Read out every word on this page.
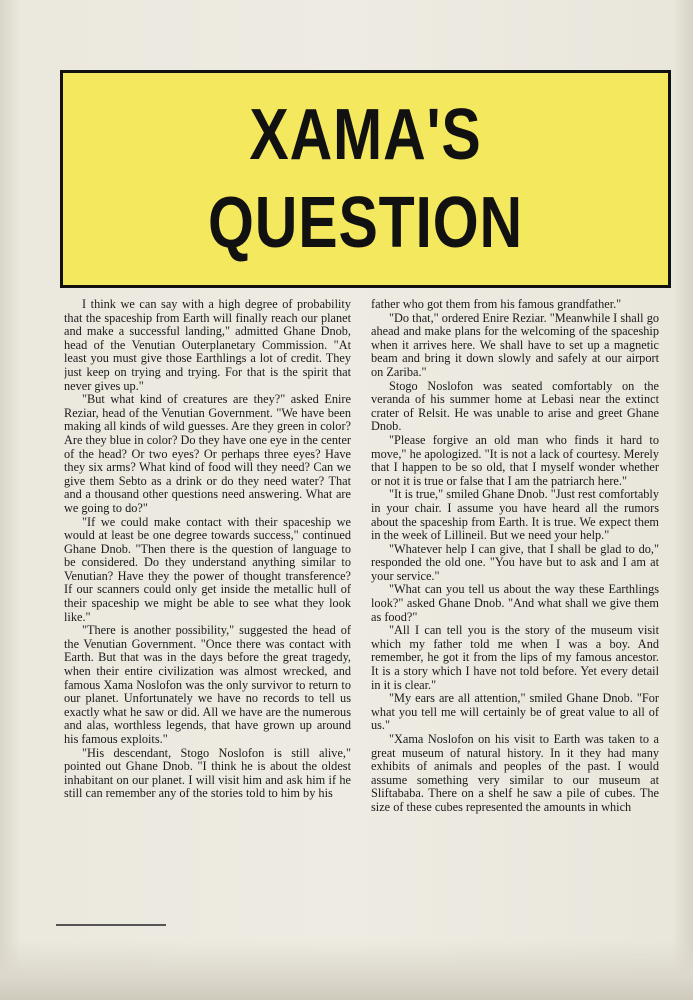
XAMA'S
QUESTION

I think we can say with a high degree of probability that the spaceship from Earth will finally reach our planet and make a successful landing," admitted Ghane Dnob, head of the Venutian Outerplanetary Commission. "At least you must give those Earthlings a lot of credit. They just keep on trying and trying. For that is the spirit that never gives up."

"But what kind of creatures are they?" asked Enire Reziar, head of the Venutian Government. "We have been making all kinds of wild guesses. Are they green in color? Are they blue in color? Do they have one eye in the center of the head? Or two eyes? Or perhaps three eyes? Have they six arms? What kind of food will they need? Can we give them Sebto as a drink or do they need water? That and a thousand other questions need answering. What are we going to do?"

"If we could make contact with their spaceship we would at least be one degree towards success," continued Ghane Dnob. "Then there is the question of language to be considered. Do they understand anything similar to Venutian? Have they the power of thought transference? If our scanners could only get inside the metallic hull of their spaceship we might be able to see what they look like."

"There is another possibility," suggested the head of the Venutian Government. "Once there was contact with Earth. But that was in the days before the great tragedy, when their entire civilization was almost wrecked, and famous Xama Noslofon was the only survivor to return to our planet. Unfortunately we have no records to tell us exactly what he saw or did. All we have are the numerous and alas, worthless legends, that have grown up around his famous exploits."

"His descendant, Stogo Noslofon is still alive," pointed out Ghane Dnob. "I think he is about the oldest inhabitant on our planet. I will visit him and ask him if he still can remember any of the stories told to him by his

father who got them from his famous grandfather."

"Do that," ordered Enire Reziar. "Meanwhile I shall go ahead and make plans for the welcoming of the spaceship when it arrives here. We shall have to set up a magnetic beam and bring it down slowly and safely at our airport on Zariba."

Stogo Noslofon was seated comfortably on the veranda of his summer home at Lebasi near the extinct crater of Relsit. He was unable to arise and greet Ghane Dnob.

"Please forgive an old man who finds it hard to move," he apologized. "It is not a lack of courtesy. Merely that I happen to be so old, that I myself wonder whether or not it is true or false that I am the patriarch here."

"It is true," smiled Ghane Dnob. "Just rest comfortably in your chair. I assume you have heard all the rumors about the spaceship from Earth. It is true. We expect them in the week of Lillineil. But we need your help."

"Whatever help I can give, that I shall be glad to do," responded the old one. "You have but to ask and I am at your service."

"What can you tell us about the way these Earthlings look?" asked Ghane Dnob. "And what shall we give them as food?"

"All I can tell you is the story of the museum visit which my father told me when I was a boy. And remember, he got it from the lips of my famous ancestor. It is a story which I have not told before. Yet every detail in it is clear."

"My ears are all attention," smiled Ghane Dnob. "For what you tell me will certainly be of great value to all of us."

"Xama Noslofon on his visit to Earth was taken to a great museum of natural history. In it they had many exhibits of animals and peoples of the past. I would assume something very similar to our museum at Sliftababa. There on a shelf he saw a pile of cubes. The size of these cubes represented the amounts in which
